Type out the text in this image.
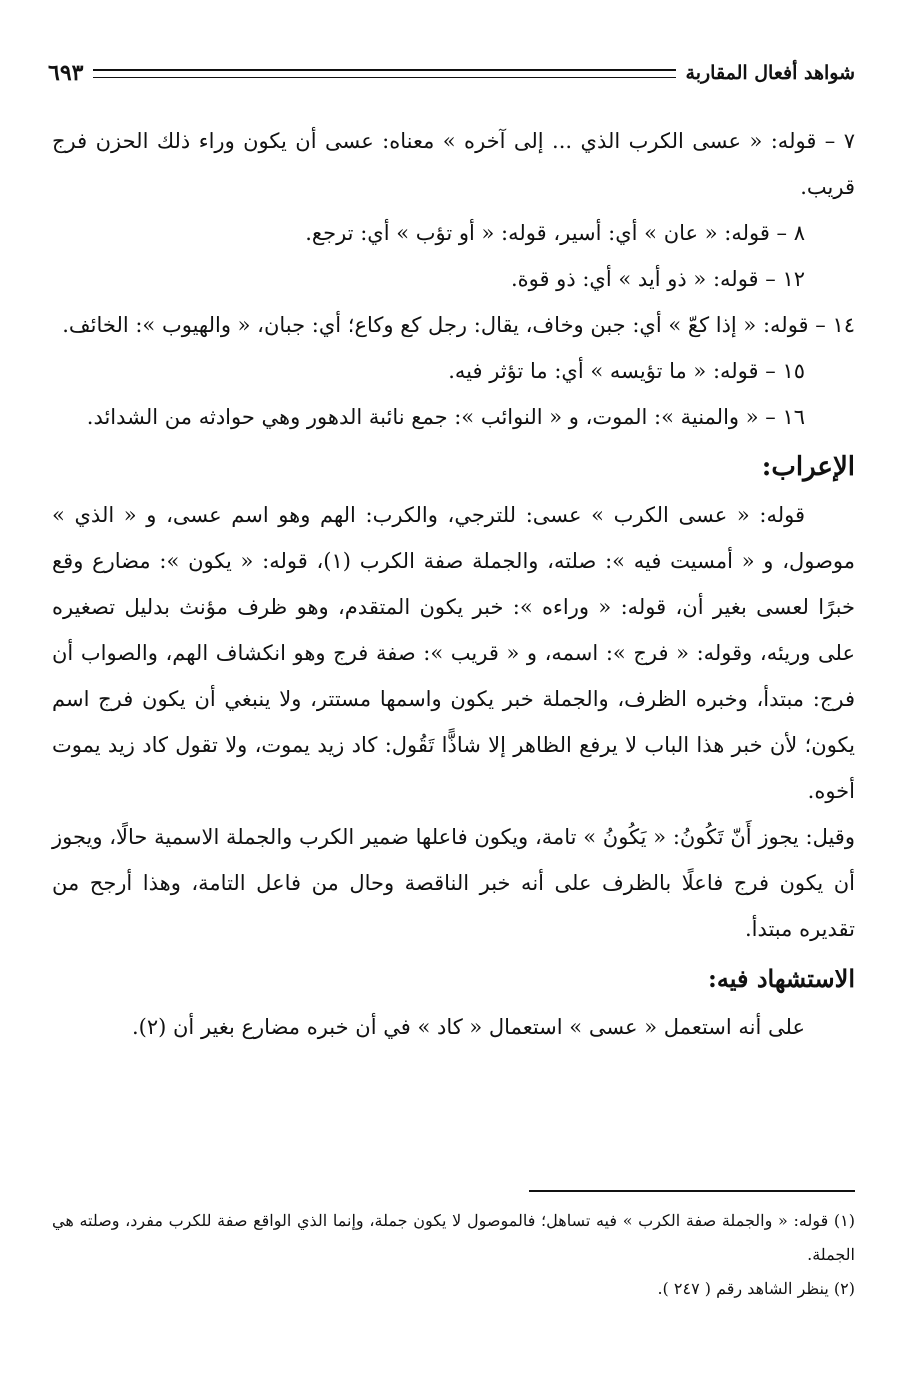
شواهد أفعال المقاربة
٦٩٣

٧ – قوله: « عسى الكرب الذي ... إلى آخره » معناه: عسى أن يكون وراء ذلك الحزن فرج قريب.

٨ – قوله: « عان » أي: أسير، قوله: « أو تؤب » أي: ترجع.

١٢ – قوله: « ذو أيد » أي: ذو قوة.

١٤ – قوله: « إذا كعّ » أي: جبن وخاف، يقال: رجل كع وكاع؛ أي: جبان، « والهيوب »: الخائف.

١٥ – قوله: « ما تؤيسه » أي: ما تؤثر فيه.

١٦ – « والمنية »: الموت، و « النوائب »: جمع نائبة الدهور وهي حوادثه من الشدائد.

الإعراب:

قوله: « عسى الكرب » عسى: للترجي، والكرب: الهم وهو اسم عسى، و « الذي » موصول، و « أمسيت فيه »: صلته، والجملة صفة الكرب (١)، قوله: « يكون »: مضارع وقع خبرًا لعسى بغير أن، قوله: « وراءه »: خبر يكون المتقدم، وهو ظرف مؤنث بدليل تصغيره على وريئه، وقوله: « فرج »: اسمه، و « قريب »: صفة فرج وهو انكشاف الهم، والصواب أن فرج: مبتدأ، وخبره الظرف، والجملة خبر يكون واسمها مستتر، ولا ينبغي أن يكون فرج اسم يكون؛ لأن خبر هذا الباب لا يرفع الظاهر إلا شاذًّا تَقُول: كاد زيد يموت، ولا تقول كاد زيد يموت أخوه.

وقيل: يجوز أَنّ تَكُونُ: « يَكُونُ » تامة، ويكون فاعلها ضمير الكرب والجملة الاسمية حالًا، ويجوز أن يكون فرج فاعلًا بالظرف على أنه خبر الناقصة وحال من فاعل التامة، وهذا أرجح من تقديره مبتدأ.

الاستشهاد فيه:

على أنه استعمل « عسى » استعمال « كاد » في أن خبره مضارع بغير أن (٢).

(١) قوله: « والجملة صفة الكرب » فيه تساهل؛ فالموصول لا يكون جملة، وإنما الذي الواقع صفة للكرب مفرد، وصلته هي الجملة.

(٢) ينظر الشاهد رقم ( ٢٤٧ ).
